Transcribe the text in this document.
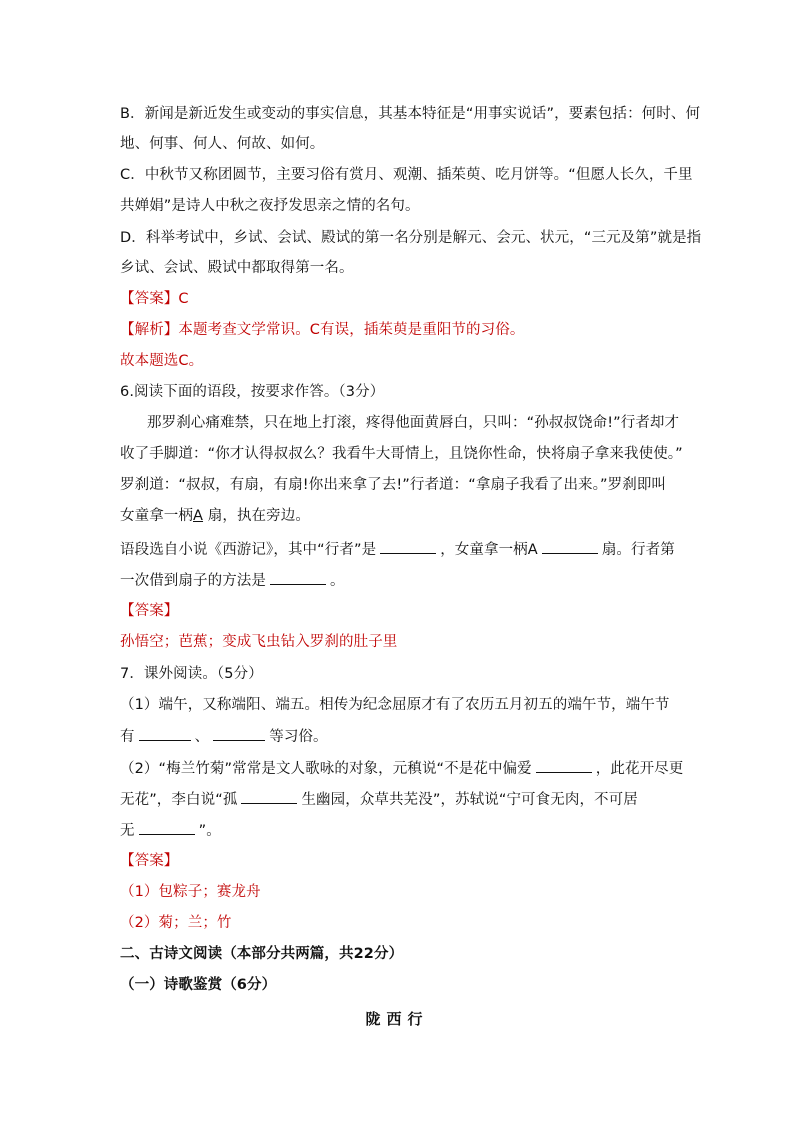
B．新闻是新近发生或变动的事实信息，其基本特征是“用事实说话”，要素包括：何时、何
地、何事、何人、何故、如何。
C．中秋节又称团圆节，主要习俗有赏月、观潮、插茱萸、吃月饼等。“但愿人长久，千里
共婵娟”是诗人中秋之夜抒发思亲之情的名句。
D．科举考试中，乡试、会试、殿试的第一名分别是解元、会元、状元，“三元及第”就是指
乡试、会试、殿试中都取得第一名。
【答案】C
【解析】本题考查文学常识。C有误，插茱萸是重阳节的习俗。
故本题选C。
6.阅读下面的语段，按要求作答。（3分）
那罗刹心痛难禁，只在地上打滚，疼得他面黄唇白，只叫：“孙叔叔饶命!”行者却才
收了手脚道：“你才认得叔叔么？我看牛大哥情上，且饶你性命，快将扇子拿来我使使。”
罗刹道：“叔叔，有扇，有扇!你出来拿了去!”行者道：“拿扇子我看了出来。”罗刹即叫
女童拿一柄A 扇，执在旁边。
语段选自小说《西游记》，其中“行者”是	，女童拿一柄A	扇。行者第
一次借到扇子的方法是	。
【答案】
孙悟空；芭蕉；变成飞虫钻入罗刹的肚子里
7．课外阅读。（5分）
（1）端午，又称端阳、端五。相传为纪念屈原才有了农历五月初五的端午节，端午节
有	、	等习俗。
（2）“梅兰竹菊”常常是文人歌咏的对象，元稹说“不是花中偏爱	，此花开尽更
无花”，李白说“孤	生幽园，众草共芜没”，苏轼说“宁可食无肉，不可居
无	”。
【答案】
（1）包粽子；赛龙舟
（2）菊；兰；竹
二、古诗文阅读（本部分共两篇，共22分）
（一）诗歌鉴赏（6分）
陇西行
